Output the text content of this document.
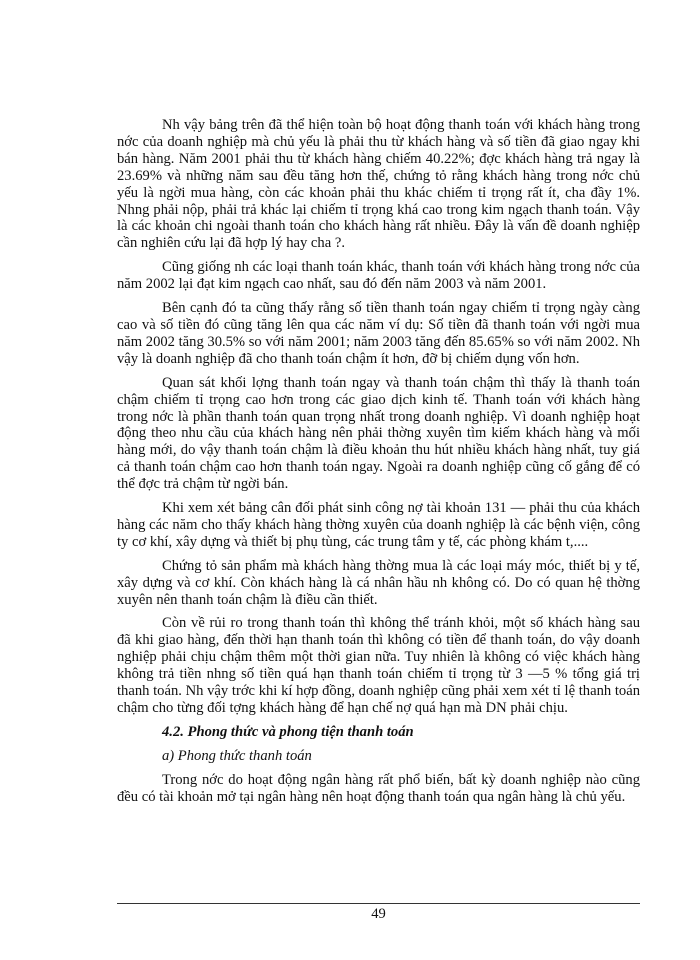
Nh vậy bảng trên đã thể hiện toàn bộ hoạt động thanh toán với khách hàng trong nớc của doanh nghiệp mà chủ yếu là phải thu từ khách hàng và số tiền đã giao ngay khi bán hàng. Năm 2001 phải thu từ khách hàng chiếm 40.22%; đợc khách hàng trả ngay là 23.69% và những năm sau đều tăng hơn thế, chứng tỏ rằng khách hàng trong nớc chủ yếu là ngời mua hàng, còn các khoản phải thu khác chiếm tỉ trọng rất ít, cha đầy 1%. Nhng phải nộp, phải trả khác lại chiếm tỉ trọng khá cao trong kim ngạch thanh toán. Vậy là các khoản chi ngoài thanh toán cho khách hàng rất nhiều. Đây là vấn đề doanh nghiệp cần nghiên cứu lại đã hợp lý hay cha ?.

Cũng giống nh các loại thanh toán khác, thanh toán với khách hàng trong nớc của năm 2002 lại đạt kim ngạch cao nhất, sau đó đến năm 2003 và năm 2001.

Bên cạnh đó ta cũng thấy rằng số tiền thanh toán ngay chiếm tỉ trọng ngày càng cao và số tiền đó cũng tăng lên qua các năm ví dụ: Số tiền đã thanh toán với ngời mua năm 2002 tăng 30.5% so với năm 2001; năm 2003 tăng đến 85.65% so với năm 2002. Nh vậy là doanh nghiệp đã cho thanh toán chậm ít hơn, đỡ bị chiếm dụng vốn hơn.

Quan sát khối lợng thanh toán ngay và thanh toán chậm thì thấy là thanh toán chậm chiếm tỉ trọng cao hơn trong các giao dịch kinh tế. Thanh toán với khách hàng trong nớc là phần thanh toán quan trọng nhất trong doanh nghiệp. Vì doanh nghiệp hoạt động theo nhu cầu của khách hàng nên phải thờng xuyên tìm kiếm khách hàng và mối hàng mới, do vậy thanh toán chậm là điều khoản thu hút nhiều khách hàng nhất, tuy giá cả thanh toán chậm cao hơn thanh toán ngay. Ngoài ra doanh nghiệp cũng cố gắng để có thể đợc trả chậm từ ngời bán.

Khi xem xét bảng cân đối phát sinh công nợ tài khoản 131 — phải thu của khách hàng các năm cho thấy khách hàng thờng xuyên của doanh nghiệp là các bệnh viện, công ty cơ khí, xây dựng và thiết bị phụ tùng, các trung tâm y tế, các phòng khám t,....

Chứng tỏ sản phẩm mà khách hàng thờng mua là các loại máy móc, thiết bị y tế, xây dựng và cơ khí. Còn khách hàng là cá nhân hầu nh không có. Do có quan hệ thờng xuyên nên thanh toán chậm là điều cần thiết.

Còn về rủi ro trong thanh toán thì không thể tránh khỏi, một số khách hàng sau đã khi giao hàng, đến thời hạn thanh toán thì không có tiền để thanh toán, do vậy doanh nghiệp phải chịu chậm thêm một thời gian nữa. Tuy nhiên là không có việc khách hàng không trả tiền nhng số tiền quá hạn thanh toán chiếm tỉ trọng từ 3 —5 % tổng giá trị thanh toán. Nh vậy trớc khi kí hợp đồng, doanh nghiệp cũng phải xem xét tỉ lệ thanh toán chậm cho từng đối tợng khách hàng để hạn chế nợ quá hạn mà DN phải chịu.

4.2. Phong thức và phong tiện thanh toán
a) Phong thức thanh toán

Trong nớc do hoạt động ngân hàng rất phổ biến, bất kỳ doanh nghiệp nào cũng đều có tài khoản mở tại ngân hàng nên hoạt động thanh toán qua ngân hàng là chủ yếu.

49
